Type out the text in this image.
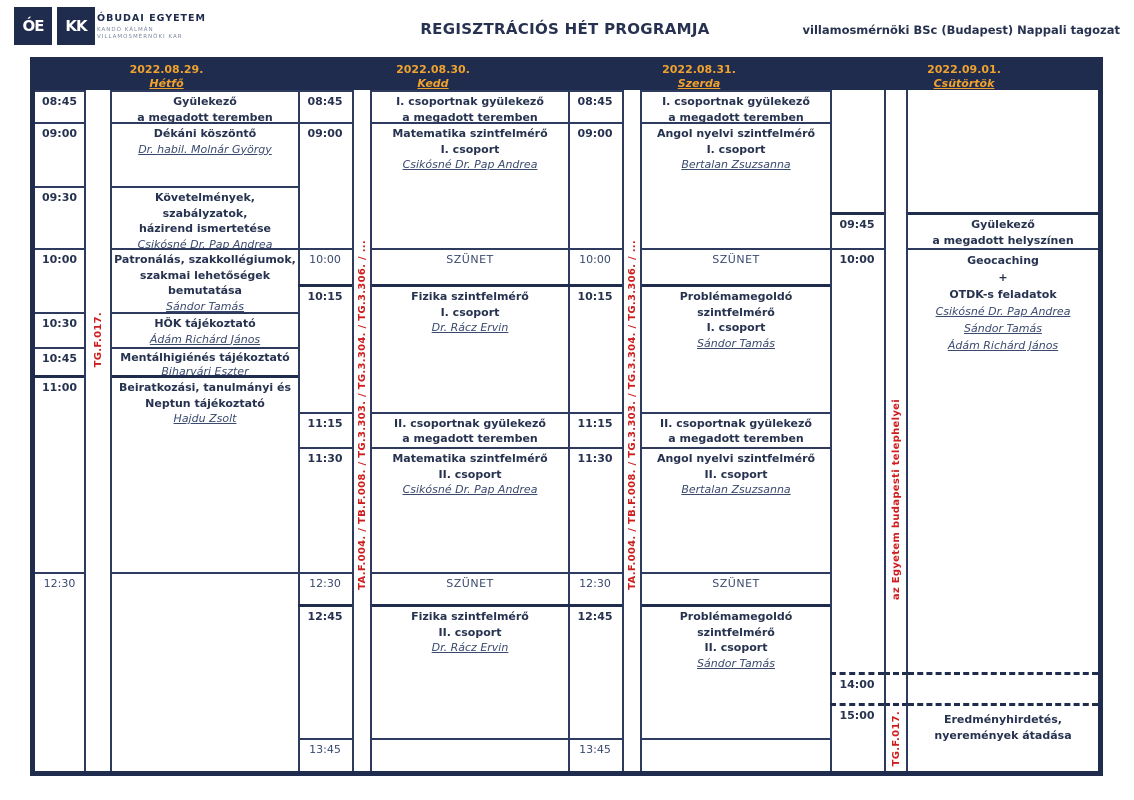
ÓE	KK	ÓBUDAI EGYETEM
KANDÓ KÁLMÁN
VILLAMOSMÉRNÖKI KAR	REGISZTRÁCIÓS HÉT PROGRAMJA	villamosmérnöki BSc (Budapest) Nappali tagozat
2022.08.29.
Hétfő
2022.08.30.
Kedd
2022.08.31.
Szerda
2022.09.01.
Csütörtök
TG.F.017.	TA.F.004. / TB.F.008. / TG.3.303. / TG.3.304. / TG.3.306. / ...	TA.F.004. / TB.F.008. / TG.3.303. / TG.3.304. / TG.3.306. / ...	az Egyetem budapesti telephelyei
TG.F.017.
08:45	Gyülekező
a megadott teremben
09:00	Dékáni köszöntő
Dr. habil. Molnár György
09:30	Követelmények, szabályzatok,
házirend ismertetése
Csikósné Dr. Pap Andrea
10:00	Patronálás, szakkollégiumok,
szakmai lehetőségek bemutatása
Sándor Tamás
10:30	HÖK tájékoztató
Ádám Richárd János
10:45	Mentálhigiénés tájékoztató
Biharvári Eszter
11:00	Beiratkozási, tanulmányi és
Neptun tájékoztató
Hajdu Zsolt
12:30
08:45	I. csoportnak gyülekező
a megadott teremben
09:00	Matematika szintfelmérő
I. csoport
Csikósné Dr. Pap Andrea
10:00	SZÜNET
10:15	Fizika szintfelmérő
I. csoport
Dr. Rácz Ervin
11:15	II. csoportnak gyülekező
a megadott teremben
11:30	Matematika szintfelmérő
II. csoport
Csikósné Dr. Pap Andrea
12:30	SZÜNET
12:45	Fizika szintfelmérő
II. csoport
Dr. Rácz Ervin
13:45
08:45	I. csoportnak gyülekező
a megadott teremben
09:00	Angol nyelvi szintfelmérő
I. csoport
Bertalan Zsuzsanna
10:00	SZÜNET
10:15	Problémamegoldó szintfelmérő
I. csoport
Sándor Tamás
11:15	II. csoportnak gyülekező
a megadott teremben
11:30	Angol nyelvi szintfelmérő
II. csoport
Bertalan Zsuzsanna
12:30	SZÜNET
12:45	Problémamegoldó szintfelmérő
II. csoport
Sándor Tamás
13:45
09:45	Gyülekező
a megadott helyszínen
10:00	Geocaching
+
OTDK-s feladatok
Csikósné Dr. Pap Andrea
Sándor Tamás
Ádám Richárd János
14:00
15:00	Eredményhirdetés,
nyeremények átadása
